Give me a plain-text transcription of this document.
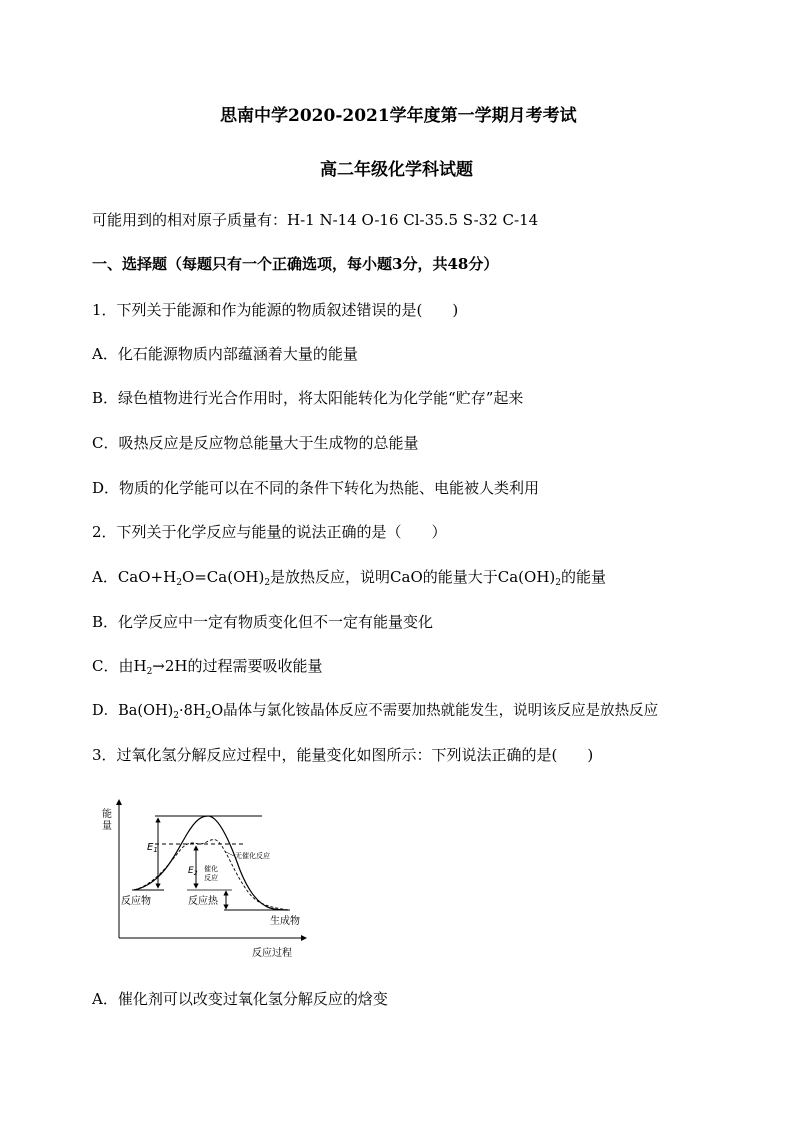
思南中学2020-2021学年度第一学期月考考试
高二年级化学科试题
可能用到的相对原子质量有：H-1 N-14 O-16 Cl-35.5 S-32 C-14
一、选择题（每题只有一个正确选项，每小题3分，共48分）
1．下列关于能源和作为能源的物质叙述错误的是(　　)
A．化石能源物质内部蕴涵着大量的能量
B．绿色植物进行光合作用时，将太阳能转化为化学能“贮存”起来
C．吸热反应是反应物总能量大于生成物的总能量
D．物质的化学能可以在不同的条件下转化为热能、电能被人类利用
2．下列关于化学反应与能量的说法正确的是（　　）
A．$CaO+H_2O=Ca(OH)_2$是放热反应，说明CaO的能量大于$Ca(OH)_2$的能量
B．化学反应中一定有物质变化但不一定有能量变化
C．由$H_2\to 2H$的过程需要吸收能量
D．$Ba(OH)_2\cdot 8H_2O$晶体与氯化铵晶体反应不需要加热就能发生，说明该反应是放热反应
3．过氧化氢分解反应过程中，能量变化如图所示：下列说法正确的是(　　)
能
量
反应过程
$E_1$
$E_2$
无催化反应
催化
反应
反应物	反应热
生成物
A．催化剂可以改变过氧化氢分解反应的焓变
